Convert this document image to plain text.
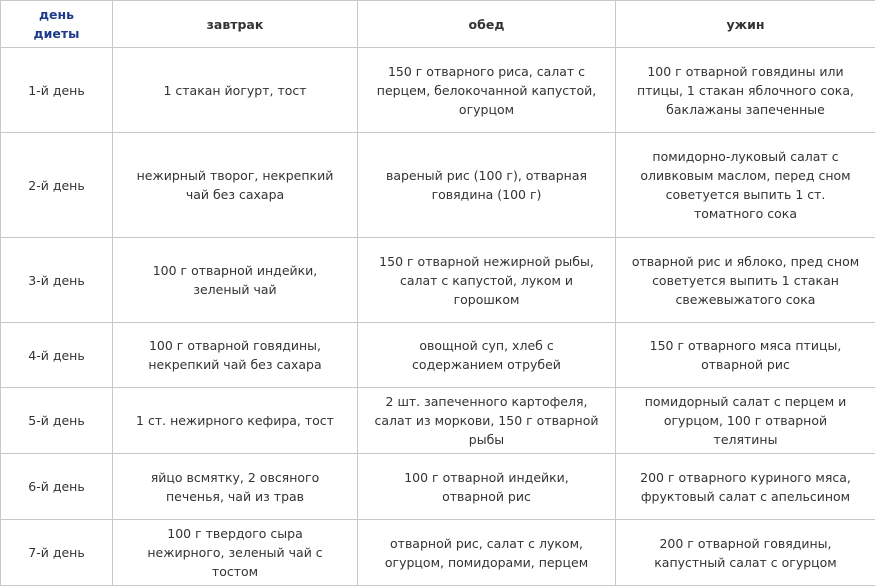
день диеты	завтрак	обед	ужин
1-й день	1 стакан йогурт, тост	150 г отварного риса, салат с перцем, белокочанной капустой, огурцом	100 г отварной говядины или птицы, 1 стакан яблочного сока, баклажаны запеченные
2-й день	нежирный творог, некрепкий чай без сахара	вареный рис (100 г), отварная говядина (100 г)	помидорно-луковый салат с оливковым маслом, перед сном советуется выпить 1 ст. томатного сока
3-й день	100 г отварной индейки, зеленый чай	150 г отварной нежирной рыбы, салат с капустой, луком и горошком	отварной рис и яблоко, пред сном советуется выпить 1 стакан свежевыжатого сока
4-й день	100 г отварной говядины, некрепкий чай без сахара	овощной суп, хлеб с содержанием отрубей	150 г отварного мяса птицы, отварной рис
5-й день	1 ст. нежирного кефира, тост	2 шт. запеченного картофеля, салат из моркови, 150 г отварной рыбы	помидорный салат с перцем и огурцом, 100 г отварной телятины
6-й день	яйцо всмятку, 2 овсяного печенья, чай из трав	100 г отварной индейки, отварной рис	200 г отварного куриного мяса, фруктовый салат с апельсином
7-й день	100 г твердого сыра нежирного, зеленый чай с тостом	отварной рис, салат с луком, огурцом, помидорами, перцем	200 г отварной говядины, капустный салат с огурцом
